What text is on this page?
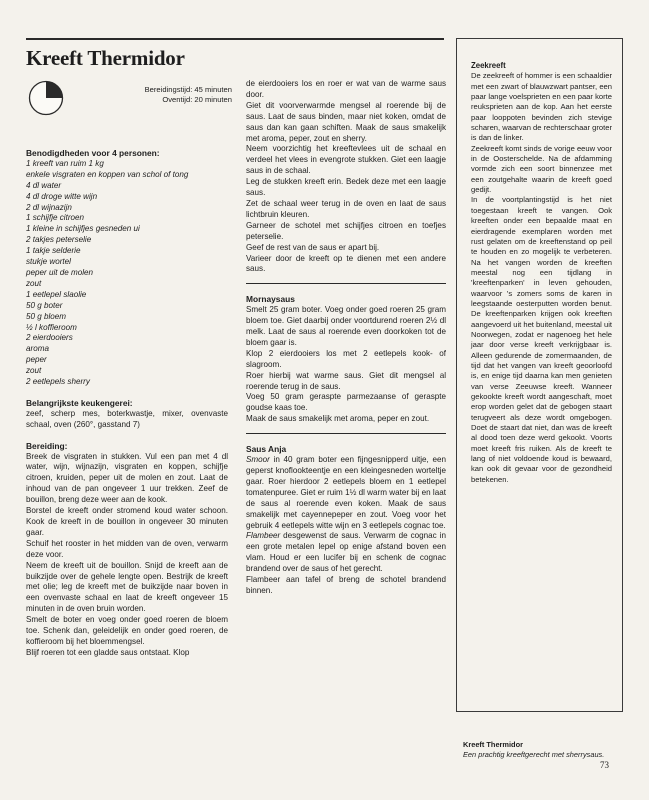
Kreeft Thermidor
Bereidingstijd: 45 minuten
Oventijd: 20 minuten
Benodigdheden voor 4 personen:
1 kreeft van ruim 1 kg
enkele visgraten en koppen van schol of tong
4 dl water
4 dl droge witte wijn
2 dl wijnazijn
1 schijfje citroen
1 kleine in schijfjes gesneden ui
2 takjes peterselie
1 takje selderie
stukje wortel
peper uit de molen
zout
1 eetlepel slaolie
50 g boter
50 g bloem
½ l koffieroom
2 eierdooiers
aroma
peper
zout
2 eetlepels sherry
Belangrijkste keukengerei:

zeef, scherp mes, boterkwastje, mixer, ovenvaste schaal, oven (260°, gasstand 7)

Bereiding:

Breek de visgraten in stukken. Vul een pan met 4 dl water, wijn, wijnazijn, visgraten en koppen, schijfje citroen, kruiden, peper uit de molen en zout. Laat de inhoud van de pan ongeveer 1 uur trekken. Zeef de bouillon, breng deze weer aan de kook.

Borstel de kreeft onder stromend koud water schoon. Kook de kreeft in de bouillon in ongeveer 30 minuten gaar.

Schuif het rooster in het midden van de oven, verwarm deze voor.

Neem de kreeft uit de bouillon. Snijd de kreeft aan de buikzijde over de gehele lengte open. Bestrijk de kreeft met olie; leg de kreeft met de buikzijde naar boven in een ovenvaste schaal en laat de kreeft ongeveer 15 minuten in de oven bruin worden.

Smelt de boter en voeg onder goed roeren de bloem toe. Schenk dan, geleidelijk en onder goed roeren, de koffieroom bij het bloemmengsel.

Blijf roeren tot een gladde saus ontstaat. Klop

de eierdooiers los en roer er wat van de warme saus door.

Giet dit voorverwarmde mengsel al roerende bij de saus. Laat de saus binden, maar niet koken, omdat de saus dan kan gaan schiften. Maak de saus smakelijk met aroma, peper, zout en sherry.

Neem voorzichtig het kreeftevlees uit de schaal en verdeel het vlees in evengrote stukken. Giet een laagje saus in de schaal.

Leg de stukken kreeft erin. Bedek deze met een laagje saus.

Zet de schaal weer terug in de oven en laat de saus lichtbruin kleuren.

Garneer de schotel met schijfjes citroen en toefjes peterselie.

Geef de rest van de saus er apart bij.

Varieer door de kreeft op te dienen met een andere saus.

Mornaysaus

Smelt 25 gram boter. Voeg onder goed roeren 25 gram bloem toe. Giet daarbij onder voortdurend roeren 2½ dl melk. Laat de saus al roerende even doorkoken tot de bloem gaar is.

Klop 2 eierdooiers los met 2 eetlepels kook- of slagroom.

Roer hierbij wat warme saus. Giet dit mengsel al roerende terug in de saus.

Voeg 50 gram geraspte parmezaanse of geraspte goudse kaas toe.

Maak de saus smakelijk met aroma, peper en zout.

Saus Anja

Smoor in 40 gram boter een fijngesnipperd uitje, een geperst knoflookteentje en een kleingesneden worteltje gaar. Roer hierdoor 2 eetlepels bloem en 1 eetlepel tomatenpuree. Giet er ruim 1½ dl warm water bij en laat de saus al roerende even koken. Maak de saus smakelijk met cayennepeper en zout. Voeg voor het gebruik 4 eetlepels witte wijn en 3 eetlepels cognac toe.

Flambeer desgewenst de saus. Verwarm de cognac in een grote metalen lepel op enige afstand boven een vlam. Houd er een lucifer bij en schenk de cognac brandend over de saus of het gerecht.

Flambeer aan tafel of breng de schotel brandend binnen.

Zeekreeft

De zeekreeft of hommer is een schaaldier met een zwart of blauwzwart pantser, een paar lange voelsprieten en een paar korte reuksprieten aan de kop. Aan het eerste paar looppoten bevinden zich stevige scharen, waarvan de rechterschaar groter is dan de linker.

Zeekreeft komt sinds de vorige eeuw voor in de Oosterschelde. Na de afdamming vormde zich een soort binnenzee met een zoutgehalte waarin de kreeft goed gedijt.

In de voortplantingstijd is het niet toegestaan kreeft te vangen. Ook kreeften onder een bepaalde maat en eierdragende exemplaren worden met rust gelaten om de kreeftenstand op peil te houden en zo mogelijk te verbeteren. Na het vangen worden de kreeften meestal nog een tijdlang in 'kreeftenparken' in leven gehouden, waarvoor 's zomers soms de karen in leegstaande oesterputten worden benut. De kreeftenparken krijgen ook kreeften aangevoerd uit het buitenland, meestal uit Noorwegen, zodat er nagenoeg het hele jaar door verse kreeft verkrijgbaar is. Alleen gedurende de zomermaanden, de tijd dat het vangen van kreeft geoorloofd is, en enige tijd daarna kan men genieten van verse Zeeuwse kreeft. Wanneer gekookte kreeft wordt aangeschaft, moet erop worden gelet dat de gebogen staart terugveert als deze wordt omgebogen. Doet de staart dat niet, dan was de kreeft al dood toen deze werd gekookt. Voorts moet kreeft fris ruiken. Als de kreeft te lang of niet voldoende koud is bewaard, kan ook dit gevaar voor de gezondheid betekenen.

Kreeft Thermidor
Een prachtig kreeftgerecht met sherrysaus.
73
